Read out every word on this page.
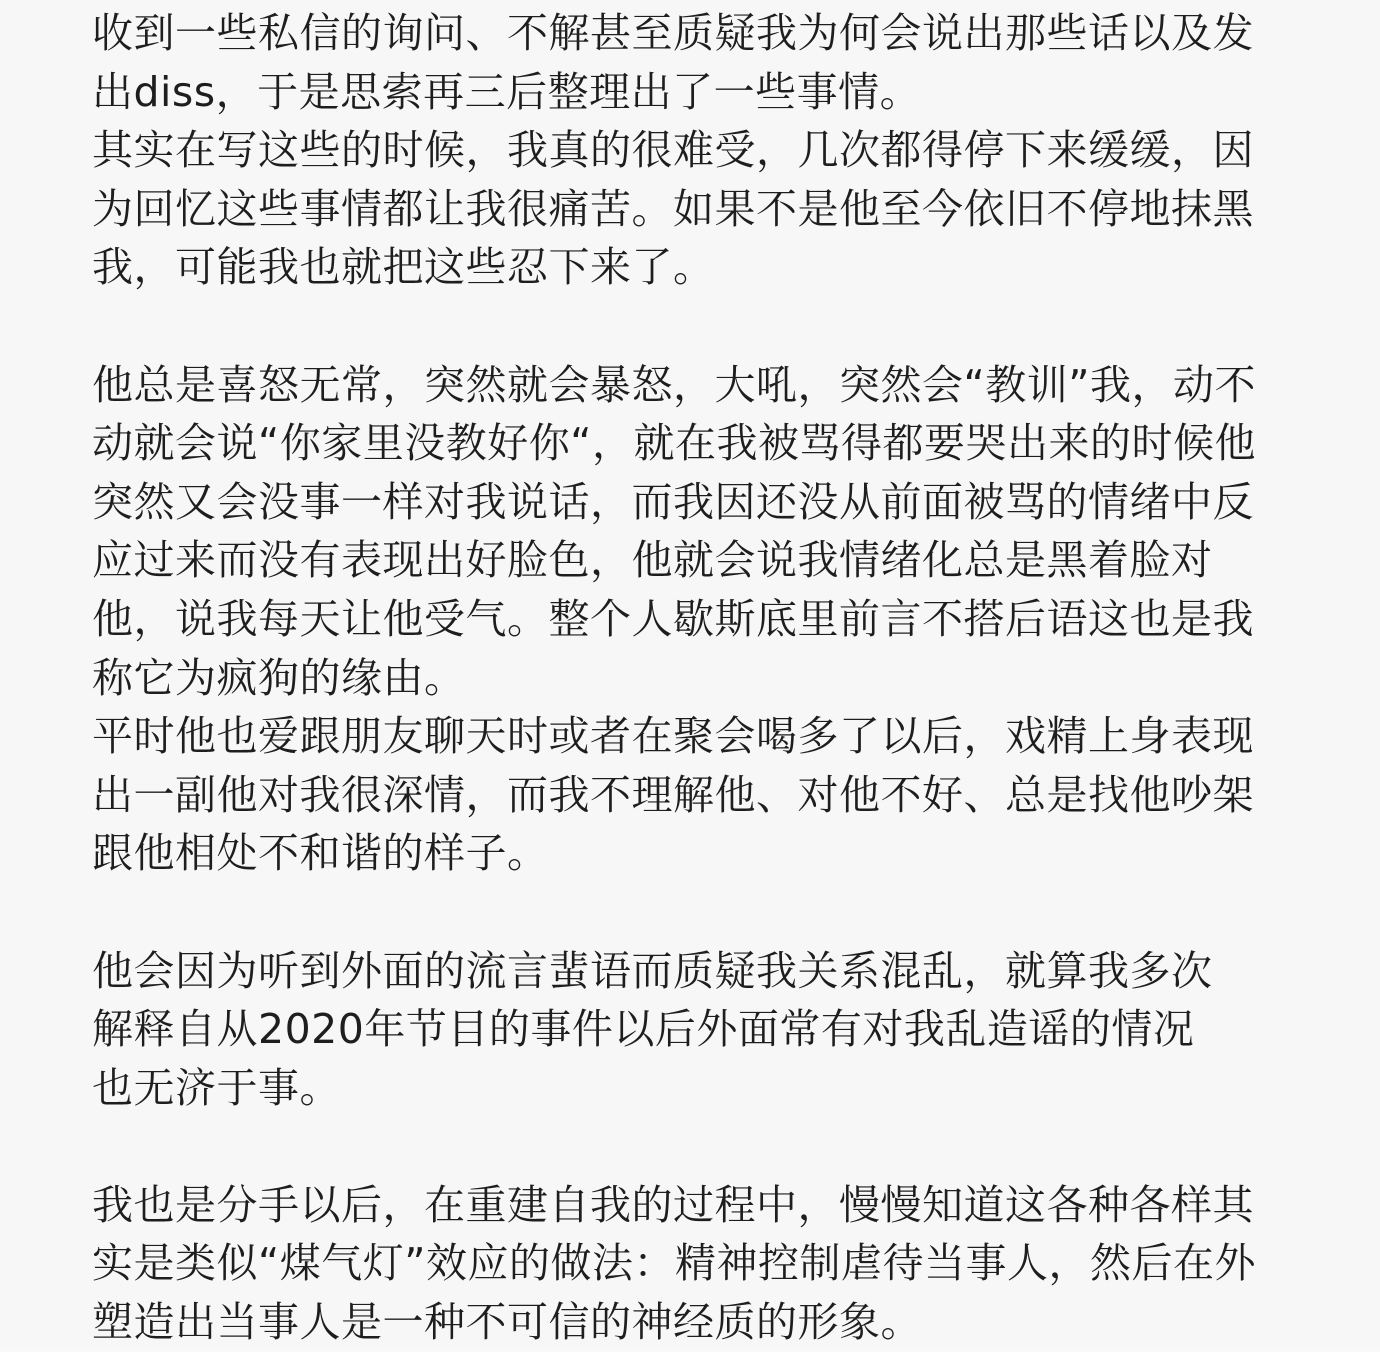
收到一些私信的询问、不解甚至质疑我为何会说出那些话以及发
出diss，于是思索再三后整理出了一些事情。
其实在写这些的时候，我真的很难受，几次都得停下来缓缓，因
为回忆这些事情都让我很痛苦。如果不是他至今依旧不停地抹黑
我，可能我也就把这些忍下来了。
他总是喜怒无常，突然就会暴怒，大吼，突然会“教训”我，动不
动就会说“你家里没教好你“，就在我被骂得都要哭出来的时候他
突然又会没事一样对我说话，而我因还没从前面被骂的情绪中反
应过来而没有表现出好脸色，他就会说我情绪化总是黑着脸对
他，说我每天让他受气。整个人歇斯底里前言不搭后语这也是我
称它为疯狗的缘由。
平时他也爱跟朋友聊天时或者在聚会喝多了以后，戏精上身表现
出一副他对我很深情，而我不理解他、对他不好、总是找他吵架
跟他相处不和谐的样子。
他会因为听到外面的流言蜚语而质疑我关系混乱，就算我多次
解释自从2020年节目的事件以后外面常有对我乱造谣的情况
也无济于事。
我也是分手以后，在重建自我的过程中，慢慢知道这各种各样其
实是类似“煤气灯”效应的做法：精神控制虐待当事人，然后在外
塑造出当事人是一种不可信的神经质的形象。
